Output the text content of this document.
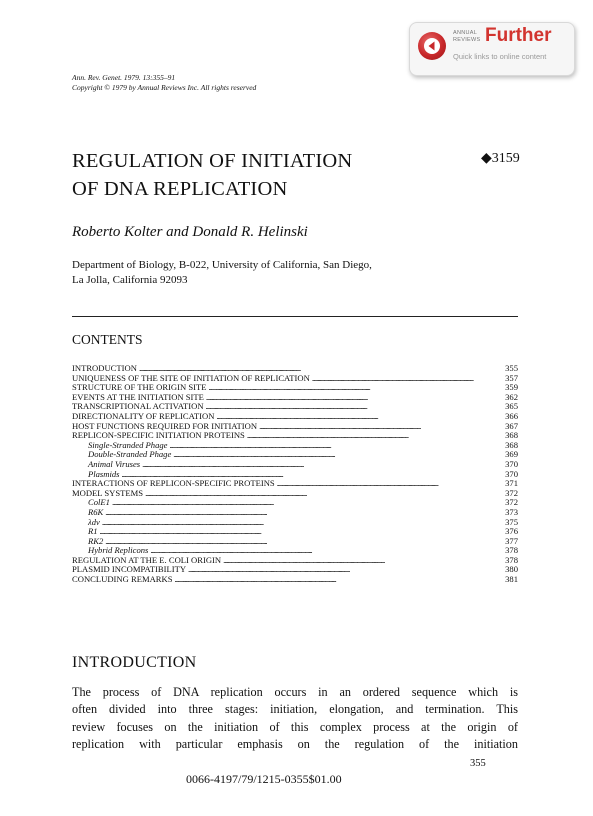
ANNUAL
REVIEWS Further
Quick links to online content
Ann. Rev. Genet. 1979. 13:355–91
Copyright © 1979 by Annual Reviews Inc. All rights reserved
REGULATION OF INITIATION
OF DNA REPLICATION
◆3159
Roberto Kolter and Donald R. Helinski
Department of Biology, B-022, University of California, San Diego,
La Jolla, California 92093
CONTENTS
INTRODUCTION . . .	355
UNIQUENESS OF THE SITE OF INITIATION OF REPLICATION . . .	357
STRUCTURE OF THE ORIGIN SITE . . .	359
EVENTS AT THE INITIATION SITE . . .	362
TRANSCRIPTIONAL ACTIVATION . . .	365
DIRECTIONALITY OF REPLICATION . . .	366
HOST FUNCTIONS REQUIRED FOR INITIATION . . .	367
REPLICON-SPECIFIC INITIATION PROTEINS . . .	368
Single-Stranded Phage . . .	368
Double-Stranded Phage . . .	369
Animal Viruses . . .	370
Plasmids . . .	370
INTERACTIONS OF REPLICON-SPECIFIC PROTEINS . . .	371
MODEL SYSTEMS . . .	372
ColE1 . . .	372
R6K . . .	373
λdv . . .	375
R1 . . .	376
RK2 . . .	377
Hybrid Replicons . . .	378
REGULATION AT THE E. COLI ORIGIN . . .	378
PLASMID INCOMPATIBILITY . . .	380
CONCLUDING REMARKS . . .	381
INTRODUCTION
The process of DNA replication occurs in an ordered sequence which is
often divided into three stages: initiation, elongation, and termination. This
review focuses on the initiation of this complex process at the origin of
replication with particular emphasis on the regulation of the initiation
355
0066-4197/79/1215-0355$01.00
